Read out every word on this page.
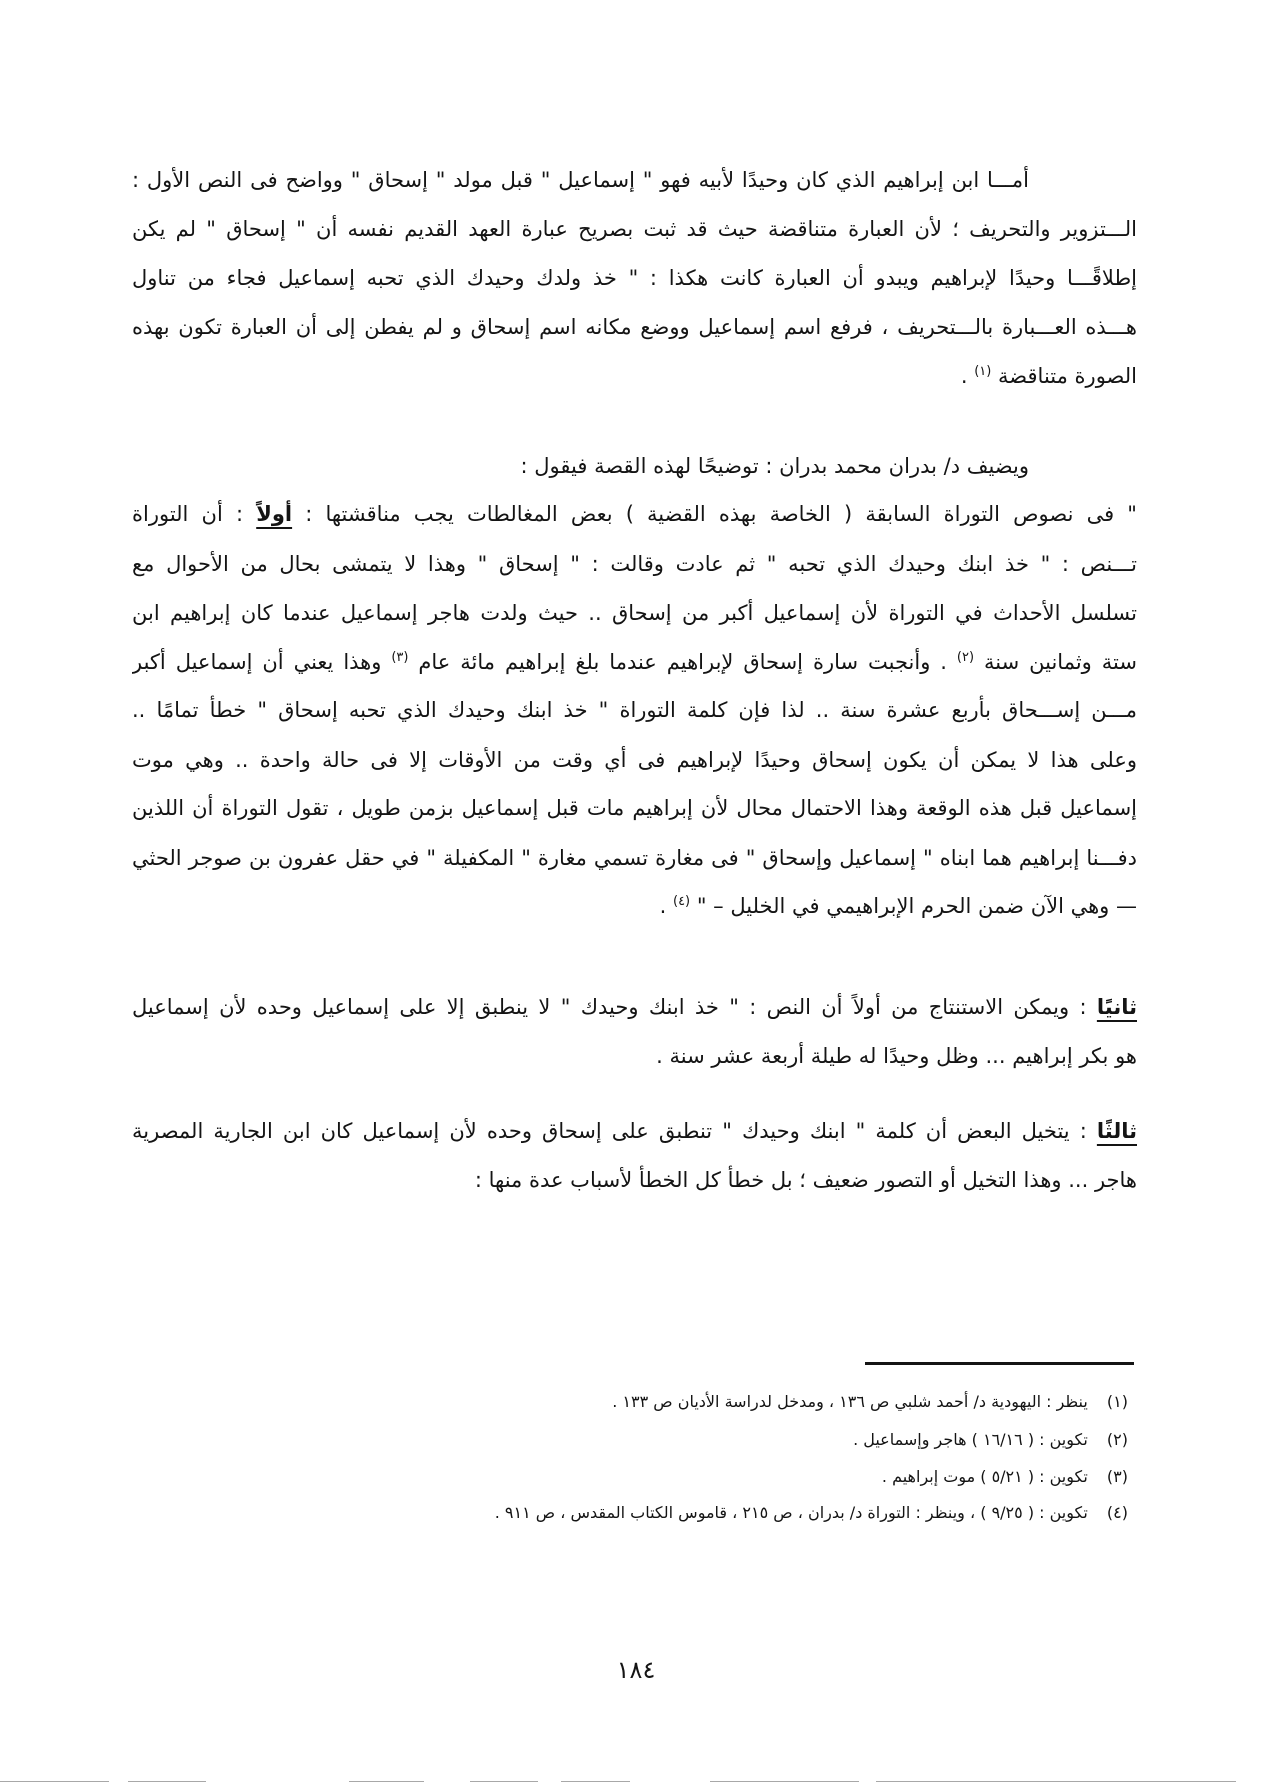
أمـــا ابن إبراهيم الذي كان وحيدًا لأبيه فهو " إسماعيل " قبل مولد " إسحاق " وواضح فى النص الأول :
الـــتزوير والتحريف ؛ لأن العبارة متناقضة حيث قد ثبت بصريح عبارة العهد القديم نفسه أن " إسحاق " لم يكن
إطلاقًـــا وحيدًا لإبراهيم ويبدو أن العبارة كانت هكذا : " خذ ولدك وحيدك الذي تحبه إسماعيل فجاء من تناول
هـــذه العـــبارة بالـــتحريف ، فرفع اسم إسماعيل ووضع مكانه اسم إسحاق و لم يفطن إلى أن العبارة تكون بهذه
الصورة متناقضة $^{(١)}$ .
ويضيف د/ بدران محمد بدران : توضيحًا لهذه القصة فيقول :
" فى نصوص التوراة السابقة ( الخاصة بهذه القضية ) بعض المغالطات يجب مناقشتها : أولاً : أن التوراة
تـــنص : " خذ ابنك وحيدك الذي تحبه " ثم عادت وقالت : " إسحاق " وهذا لا يتمشى بحال من الأحوال مع
تسلسل الأحداث في التوراة لأن إسماعيل أكبر من إسحاق .. حيث ولدت هاجر إسماعيل عندما كان إبراهيم ابن
ستة وثمانين سنة $^{(٢)}$ . وأنجبت سارة إسحاق لإبراهيم عندما بلغ إبراهيم مائة عام $^{(٣)}$ وهذا يعني أن إسماعيل أكبر
مـــن إســـحاق بأربع عشرة سنة .. لذا فإن كلمة التوراة " خذ ابنك وحيدك الذي تحبه إسحاق " خطأ تمامًا ..
وعلى هذا لا يمكن أن يكون إسحاق وحيدًا لإبراهيم فى أي وقت من الأوقات إلا فى حالة واحدة .. وهي موت
إسماعيل قبل هذه الوقعة وهذا الاحتمال محال لأن إبراهيم مات قبل إسماعيل بزمن طويل ، تقول التوراة أن اللذين
دفـــنا إبراهيم هما ابناه " إسماعيل وإسحاق " فى مغارة تسمي مغارة " المكفيلة " في حقل عفرون بن صوجر الحثي
— وهي الآن ضمن الحرم الإبراهيمي في الخليل – " $^{(٤)}$ .
ثانيًا : ويمكن الاستنتاج من أولاً أن النص : " خذ ابنك وحيدك " لا ينطبق إلا على إسماعيل وحده لأن إسماعيل
هو بكر إبراهيم ... وظل وحيدًا له طيلة أربعة عشر سنة .
ثالثًا : يتخيل البعض أن كلمة " ابنك وحيدك " تنطبق على إسحاق وحده لأن إسماعيل كان ابن الجارية المصرية
هاجر ... وهذا التخيل أو التصور ضعيف ؛ بل خطأ كل الخطأ لأسباب عدة منها :
(١) ينظر : اليهودية د/ أحمد شلبي ص ١٣٦ ، ومدخل لدراسة الأديان ص ١٣٣ .
(٢) تكوين : ( ١٦/١٦ ) هاجر وإسماعيل .
(٣) تكوين : ( ٥/٢١ ) موت إبراهيم .
(٤) تكوين : ( ٩/٢٥ ) ، وينظر : التوراة د/ بدران ، ص ٢١٥ ، قاموس الكتاب المقدس ، ص ٩١١ .
١٨٤
